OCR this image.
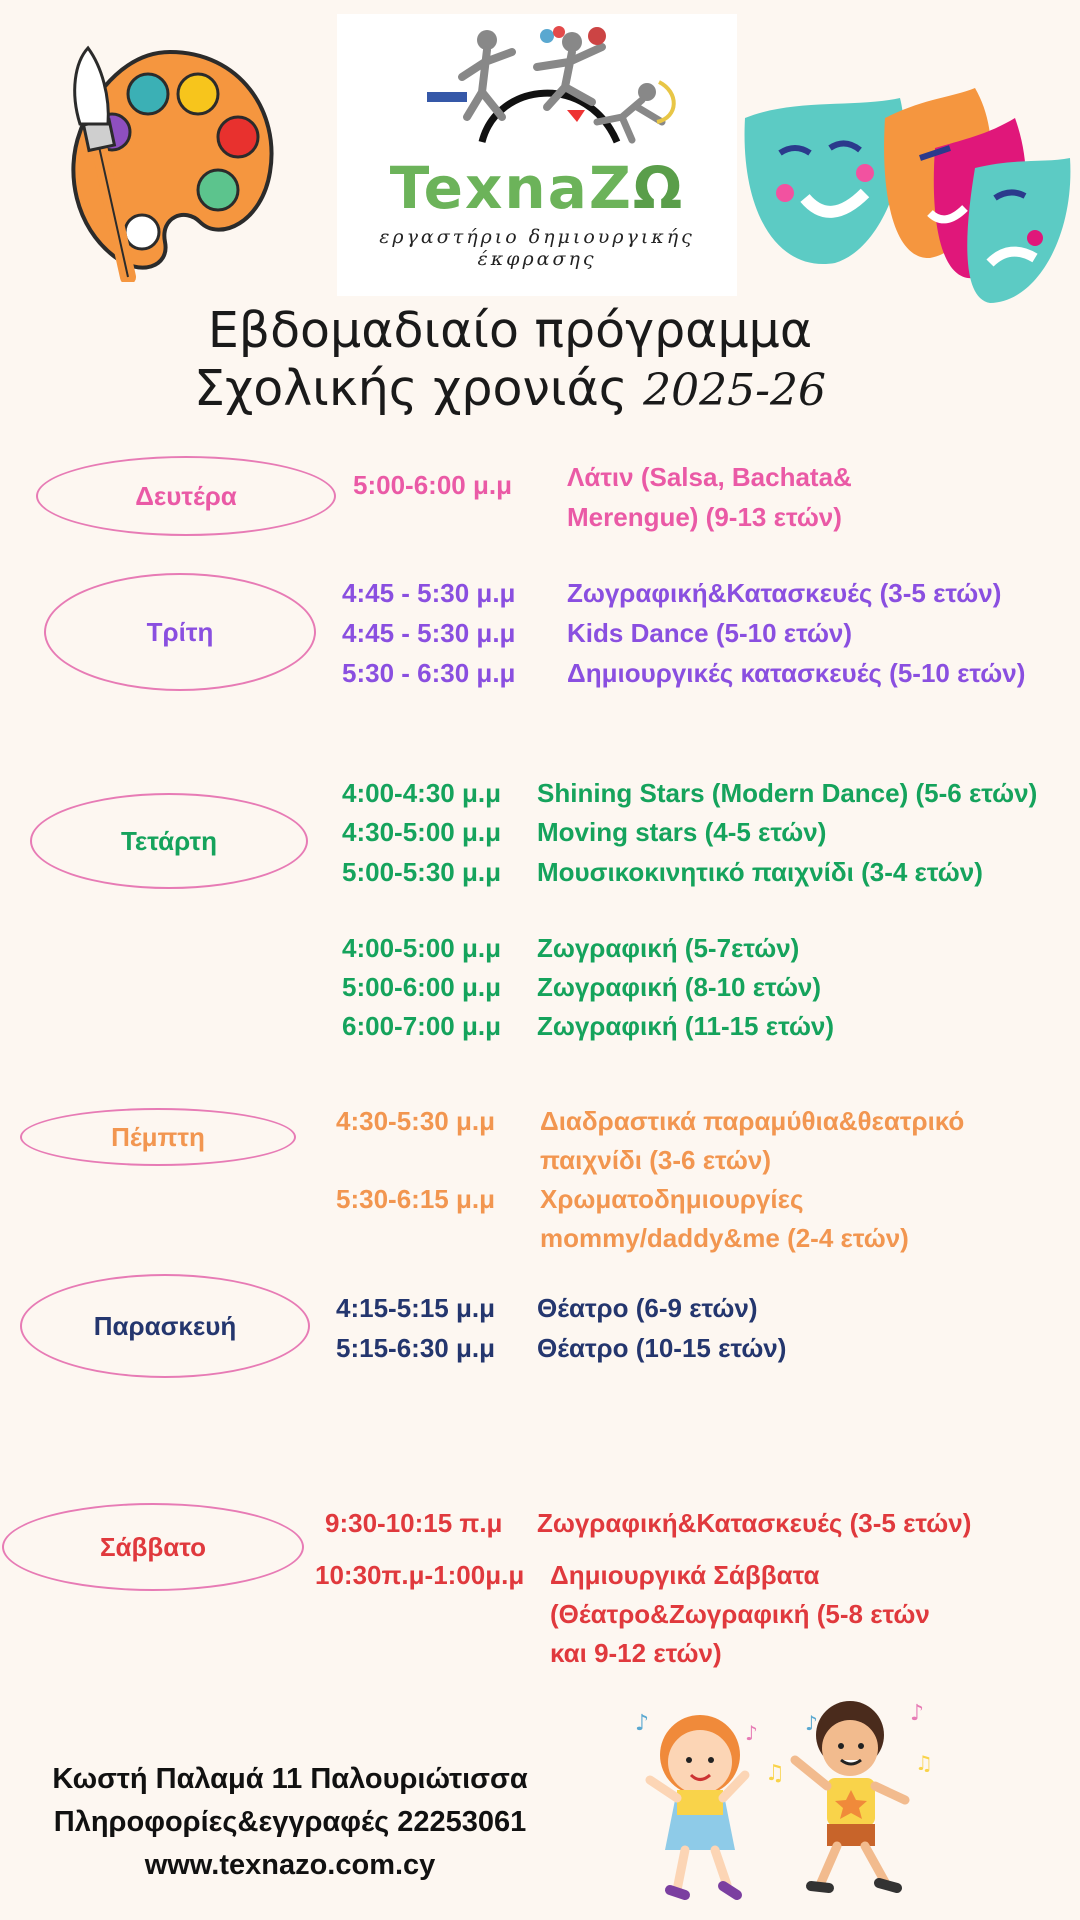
TexnaZΩ
εργαστήριο δημιουργικής έκφρασης
Εβδομαδιαίο πρόγραμμα
Σχολικής χρονιάς 2025-26
Δευτέρα	5:00-6:00 μ.μ Λάτιν (Salsa, Bachata&
Merengue) (9-13 ετών)
Τρίτη
4:45 - 5:30 μ.μ Ζωγραφική&Κατασκευές (3-5 ετών)
4:45 - 5:30 μ.μ Kids Dance (5-10 ετών)
5:30 - 6:30 μ.μ Δημιουργικές κατασκευές (5-10 ετών)
Τετάρτη
4:00-4:30 μ.μ Shining Stars (Modern Dance) (5-6 ετών)
4:30-5:00 μ.μ Moving stars (4-5 ετών)
5:00-5:30 μ.μ Μουσικοκινητικό παιχνίδι (3-4 ετών)
4:00-5:00 μ.μ Ζωγραφική (5-7ετών)
5:00-6:00 μ.μ Ζωγραφική (8-10 ετών)
6:00-7:00 μ.μ Ζωγραφική (11-15 ετών)
Πέμπτη
4:30-5:30 μ.μ Διαδραστικά παραμύθια&θεατρικό
παιχνίδι (3-6 ετών)
5:30-6:15 μ.μ Χρωματοδημιουργίες
mommy/daddy&me (2-4 ετών)
Παρασκευή
4:15-5:15 μ.μ Θέατρο (6-9 ετών)
5:15-6:30 μ.μ Θέατρο (10-15 ετών)
Σάββατο
9:30-10:15 π.μ Ζωγραφική&Κατασκευές (3-5 ετών)
10:30π.μ-1:00μ.μ Δημιουργικά Σάββατα
(Θέατρο&Ζωγραφική (5-8 ετών
και 9-12 ετών)
Κωστή Παλαμά 11 Παλουριώτισσα
Πληροφορίες&εγγραφές 22253061
www.texnazo.com.cy
♪	♪
♫
♪	♪
♫
